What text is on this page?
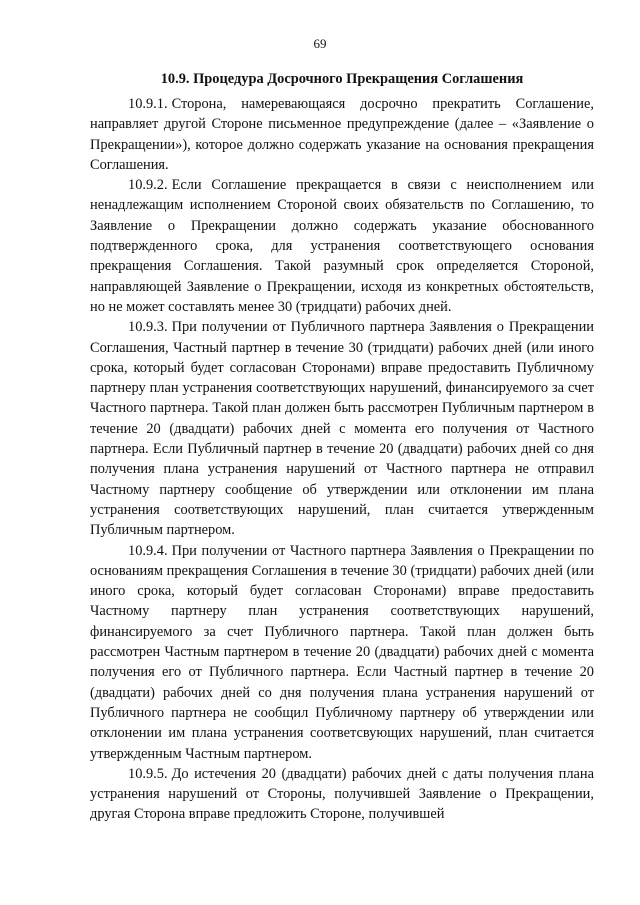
69
10.9. Процедура Досрочного Прекращения Соглашения

10.9.1. Сторона, намеревающаяся досрочно прекратить Соглашение, направляет другой Стороне письменное предупреждение (далее – «Заявление о Прекращении»), которое должно содержать указание на основания прекращения Соглашения.

10.9.2. Если Соглашение прекращается в связи с неисполнением или ненадлежащим исполнением Стороной своих обязательств по Соглашению, то Заявление о Прекращении должно содержать указание обоснованного подтвержденного срока, для устранения соответствующего основания прекращения Соглашения. Такой разумный срок определяется Стороной, направляющей Заявление о Прекращении, исходя из конкретных обстоятельств, но не может составлять менее 30 (тридцати) рабочих дней.

10.9.3. При получении от Публичного партнера Заявления о Прекращении Соглашения, Частный партнер в течение 30 (тридцати) рабочих дней (или иного срока, который будет согласован Сторонами) вправе предоставить Публичному партнеру план устранения соответствующих нарушений, финансируемого за счет Частного партнера. Такой план должен быть рассмотрен Публичным партнером в течение 20 (двадцати) рабочих дней с момента его получения от Частного партнера. Если Публичный партнер в течение 20 (двадцати) рабочих дней со дня получения плана устранения нарушений от Частного партнера не отправил Частному партнеру сообщение об утверждении или отклонении им плана устранения соответствующих нарушений, план считается утвержденным Публичным партнером.

10.9.4. При получении от Частного партнера Заявления о Прекращении по основаниям прекращения Соглашения в течение 30 (тридцати) рабочих дней (или иного срока, который будет согласован Сторонами) вправе предоставить Частному партнеру план устранения соответствующих нарушений, финансируемого за счет Публичного партнера. Такой план должен быть рассмотрен Частным партнером в течение 20 (двадцати) рабочих дней с момента получения его от Публичного партнера. Если Частный партнер в течение 20 (двадцати) рабочих дней со дня получения плана устранения нарушений от Публичного партнера не сообщил Публичному партнеру об утверждении или отклонении им плана устранения соответсвующих нарушений, план считается утвержденным Частным партнером.

10.9.5. До истечения 20 (двадцати) рабочих дней с даты получения плана устранения нарушений от Стороны, получившей Заявление о Прекращении, другая Сторона вправе предложить Стороне, получившей
